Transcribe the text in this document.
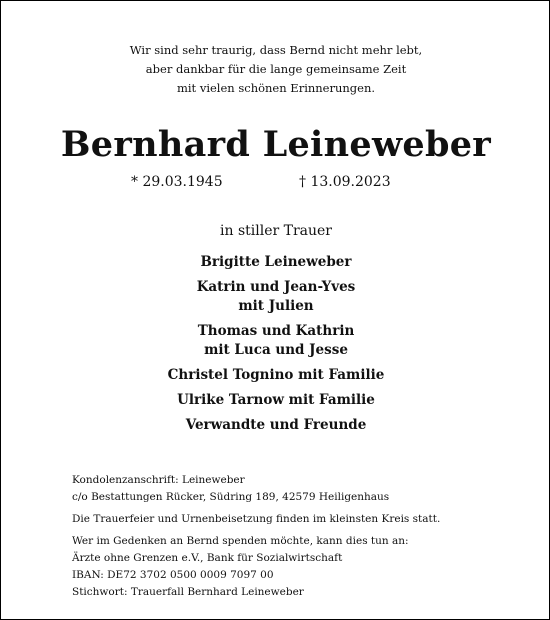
Wir sind sehr traurig, dass Bernd nicht mehr lebt,
aber dankbar für die lange gemeinsame Zeit
mit vielen schönen Erinnerungen.
Bernhard Leineweber
* 29.03.1945	† 13.09.2023
in stiller Trauer
Brigitte Leineweber
Katrin und Jean-Yves
mit Julien
Thomas und Kathrin
mit Luca und Jesse
Christel Tognino mit Familie
Ulrike Tarnow mit Familie
Verwandte und Freunde
Kondolenzanschrift: Leineweber
c/o Bestattungen Rücker, Südring 189, 42579 Heiligenhaus
Die Trauerfeier und Urnenbeisetzung finden im kleinsten Kreis statt.
Wer im Gedenken an Bernd spenden möchte, kann dies tun an:
Ärzte ohne Grenzen e.V., Bank für Sozialwirtschaft
IBAN: DE72 3702 0500 0009 7097 00
Stichwort: Trauerfall Bernhard Leineweber
